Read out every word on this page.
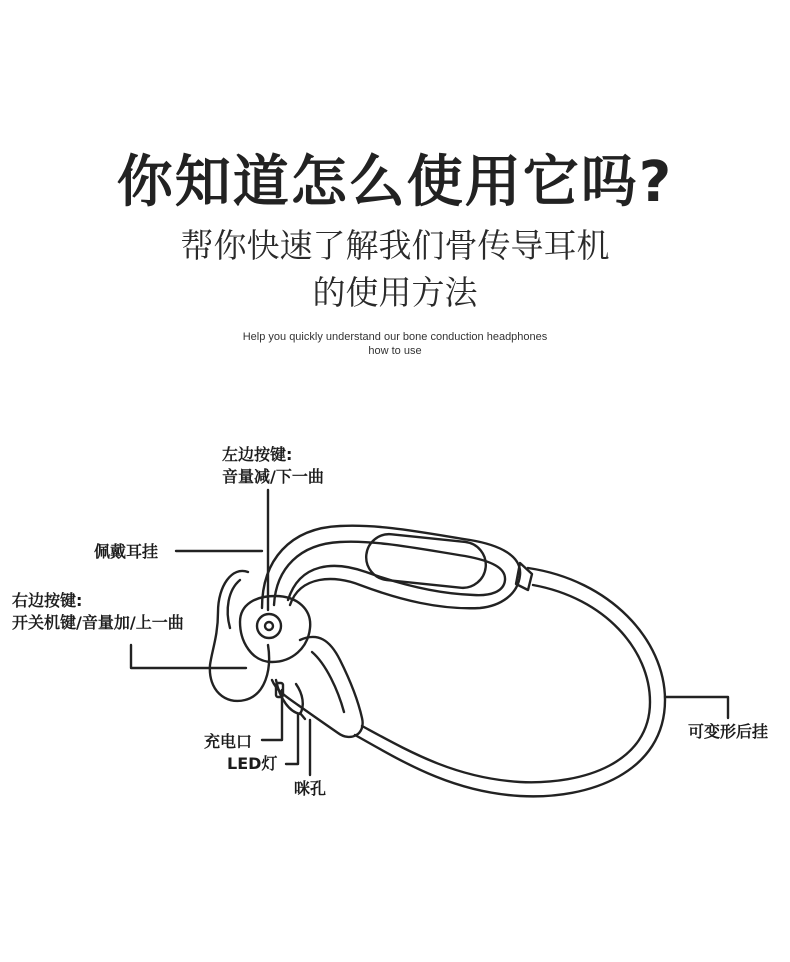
你知道怎么使用它吗?
帮你快速了解我们骨传导耳机
的使用方法
Help you quickly understand our bone conduction headphones
how to use
左边按键:
音量减/下一曲
佩戴耳挂
右边按键:
开关机键/音量加/上一曲
充电口
LED灯
咪孔
可变形后挂
